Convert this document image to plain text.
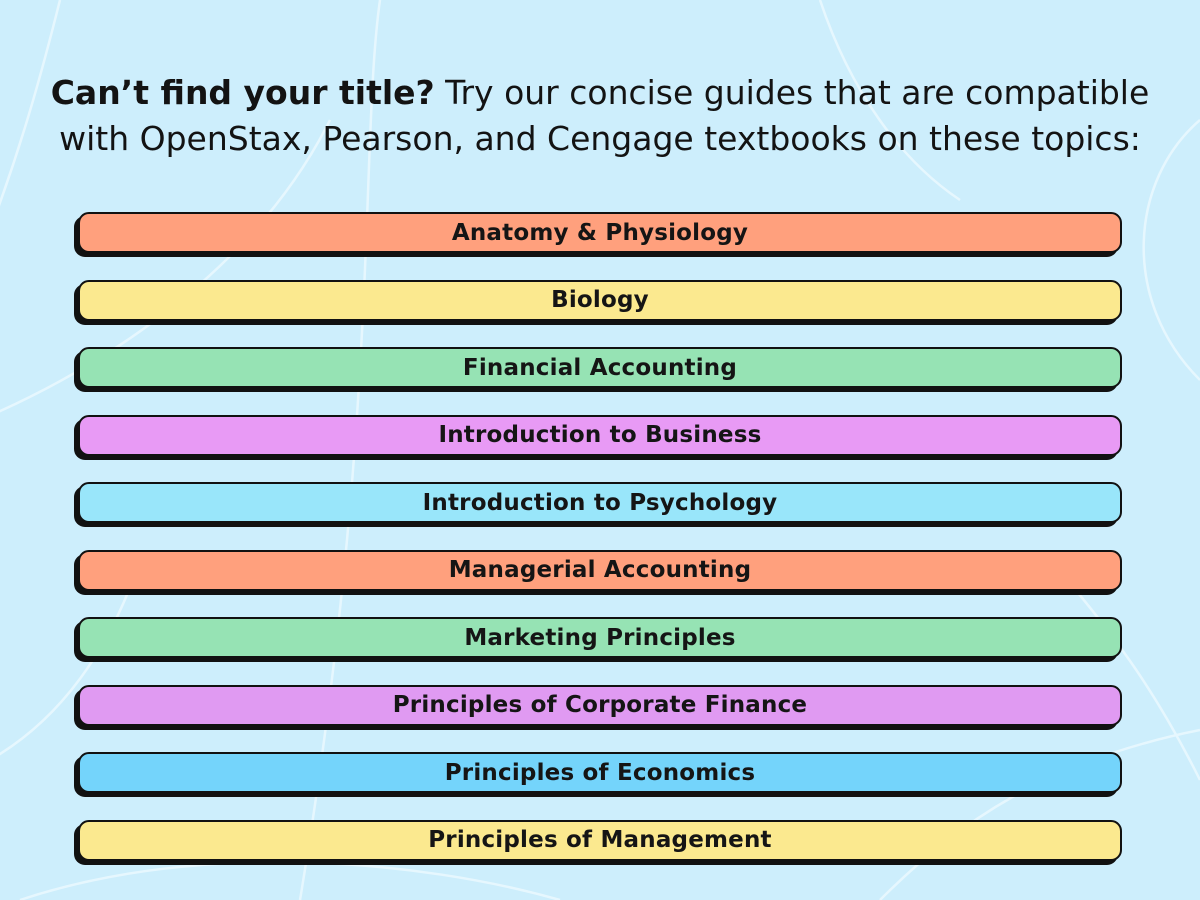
Can’t find your title? Try our concise guides that are compatible
with OpenStax, Pearson, and Cengage textbooks on these topics:
Anatomy & Physiology
Biology
Financial Accounting
Introduction to Business
Introduction to Psychology
Managerial Accounting
Marketing Principles
Principles of Corporate Finance
Principles of Economics
Principles of Management
